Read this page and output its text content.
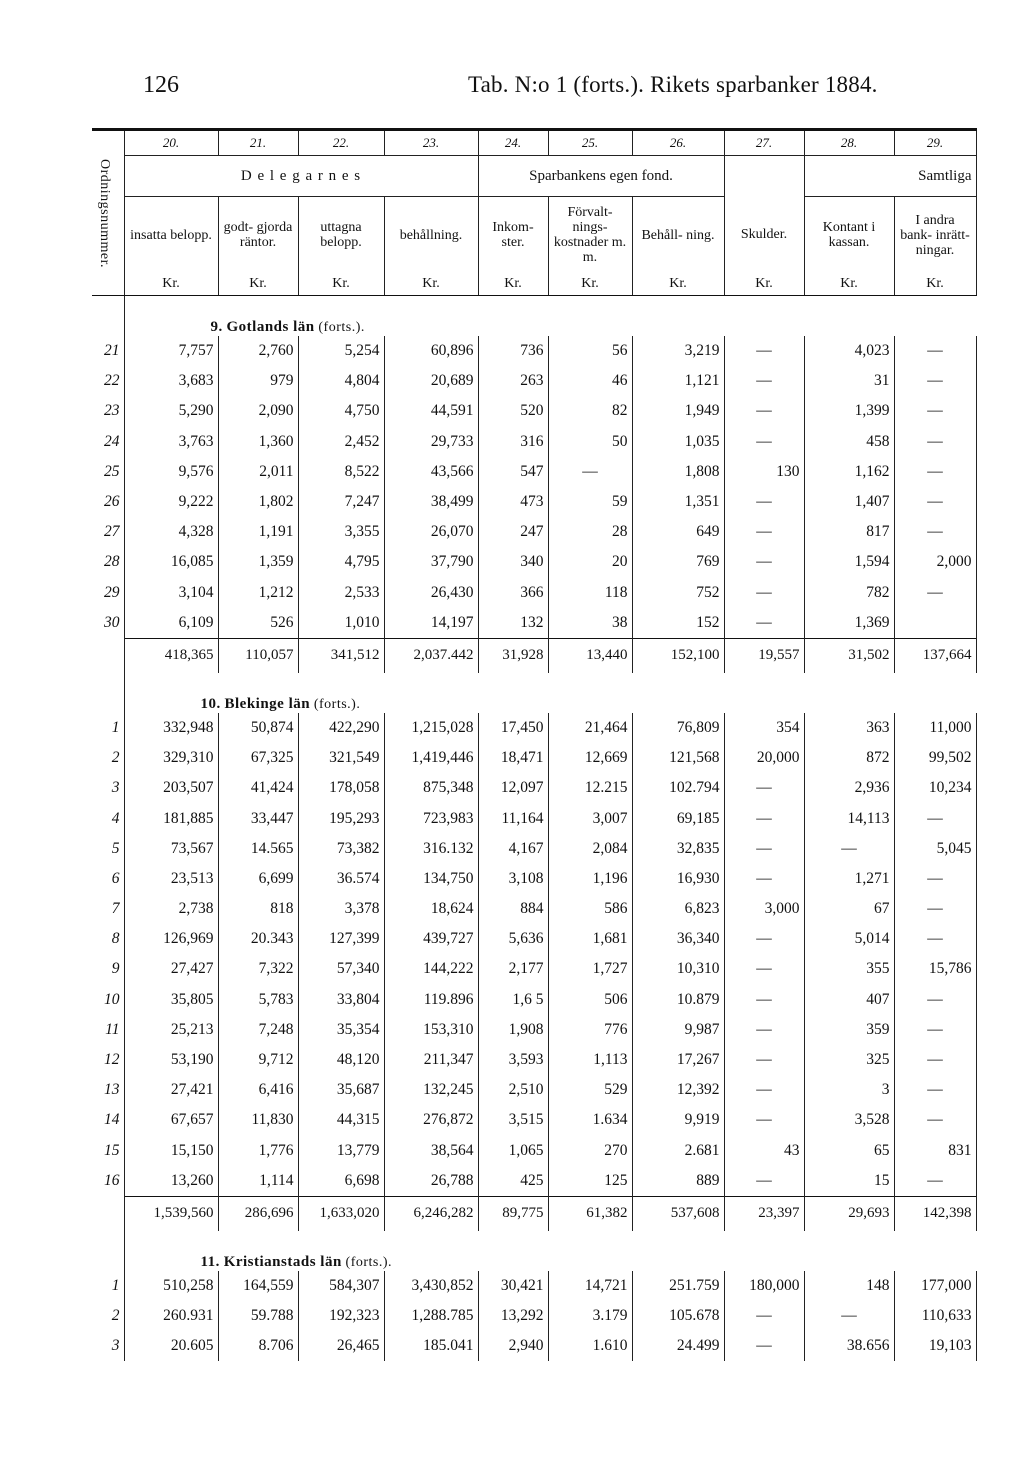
126	Tab. N:o 1 (forts.). Rikets sparbanker 1884.
Ordningsnummer.	20.	21.	22.	23.	24.	25.	26.	27.	28.	29.
	D e l e g a r n e s				Sparbankens egen fond.				Samtliga	
	insatta belopp.	godt- gjorda räntor.	uttagna belopp.	behållning.	Inkom- ster.	Förvalt- nings- kostnader m. m.	Behåll- ning.	Skulder.	Kontant i kassan.	I andra bank- inrätt- ningar.
	Kr.	Kr.	Kr.	Kr.	Kr.	Kr.	Kr.	Kr.	Kr.	Kr.
	9. Gotlands län (forts.).									
21	7,757	2,760	5,254	60,896	736	56	3,219	—	4,023	—
22	3,683	979	4,804	20,689	263	46	1,121	—	31	—
23	5,290	2,090	4,750	44,591	520	82	1,949	—	1,399	—
24	3,763	1,360	2,452	29,733	316	50	1,035	—	458	—
25	9,576	2,011	8,522	43,566	547	—	1,808	130	1,162	—
26	9,222	1,802	7,247	38,499	473	59	1,351	—	1,407	—
27	4,328	1,191	3,355	26,070	247	28	649	—	817	—
28	16,085	1,359	4,795	37,790	340	20	769	—	1,594	2,000
29	3,104	1,212	2,533	26,430	366	118	752	—	782	—
30	6,109	526	1,010	14,197	132	38	152	—	1,369	
	418,365	110,057	341,512	2,037.442	31,928	13,440	152,100	19,557	31,502	137,664
	10. Blekinge län (forts.).									
1	332,948	50,874	422,290	1,215,028	17,450	21,464	76,809	354	363	11,000
2	329,310	67,325	321,549	1,419,446	18,471	12,669	121,568	20,000	872	99,502
3	203,507	41,424	178,058	875,348	12,097	12.215	102.794	—	2,936	10,234
4	181,885	33,447	195,293	723,983	11,164	3,007	69,185	—	14,113	—
5	73,567	14.565	73,382	316.132	4,167	2,084	32,835	—	—	5,045
6	23,513	6,699	36.574	134,750	3,108	1,196	16,930	—	1,271	—
7	2,738	818	3,378	18,624	884	586	6,823	3,000	67	—
8	126,969	20.343	127,399	439,727	5,636	1,681	36,340	—	5,014	—
9	27,427	7,322	57,340	144,222	2,177	1,727	10,310	—	355	15,786
10	35,805	5,783	33,804	119.896	1,6 5	506	10.879	—	407	—
11	25,213	7,248	35,354	153,310	1,908	776	9,987	—	359	—
12	53,190	9,712	48,120	211,347	3,593	1,113	17,267	—	325	—
13	27,421	6,416	35,687	132,245	2,510	529	12,392	—	3	—
14	67,657	11,830	44,315	276,872	3,515	1.634	9,919	—	3,528	—
15	15,150	1,776	13,779	38,564	1,065	270	2.681	43	65	831
16	13,260	1,114	6,698	26,788	425	125	889	—	15	—
	1,539,560	286,696	1,633,020	6,246,282	89,775	61,382	537,608	23,397	29,693	142,398
	11. Kristianstads län (forts.).									
1	510,258	164,559	584,307	3,430,852	30,421	14,721	251.759	180,000	148	177,000
2	260.931	59.788	192,323	1,288.785	13,292	3.179	105.678	—	—	110,633
3	20.605	8.706	26,465	185.041	2,940	1.610	24.499	—	38.656	19,103
